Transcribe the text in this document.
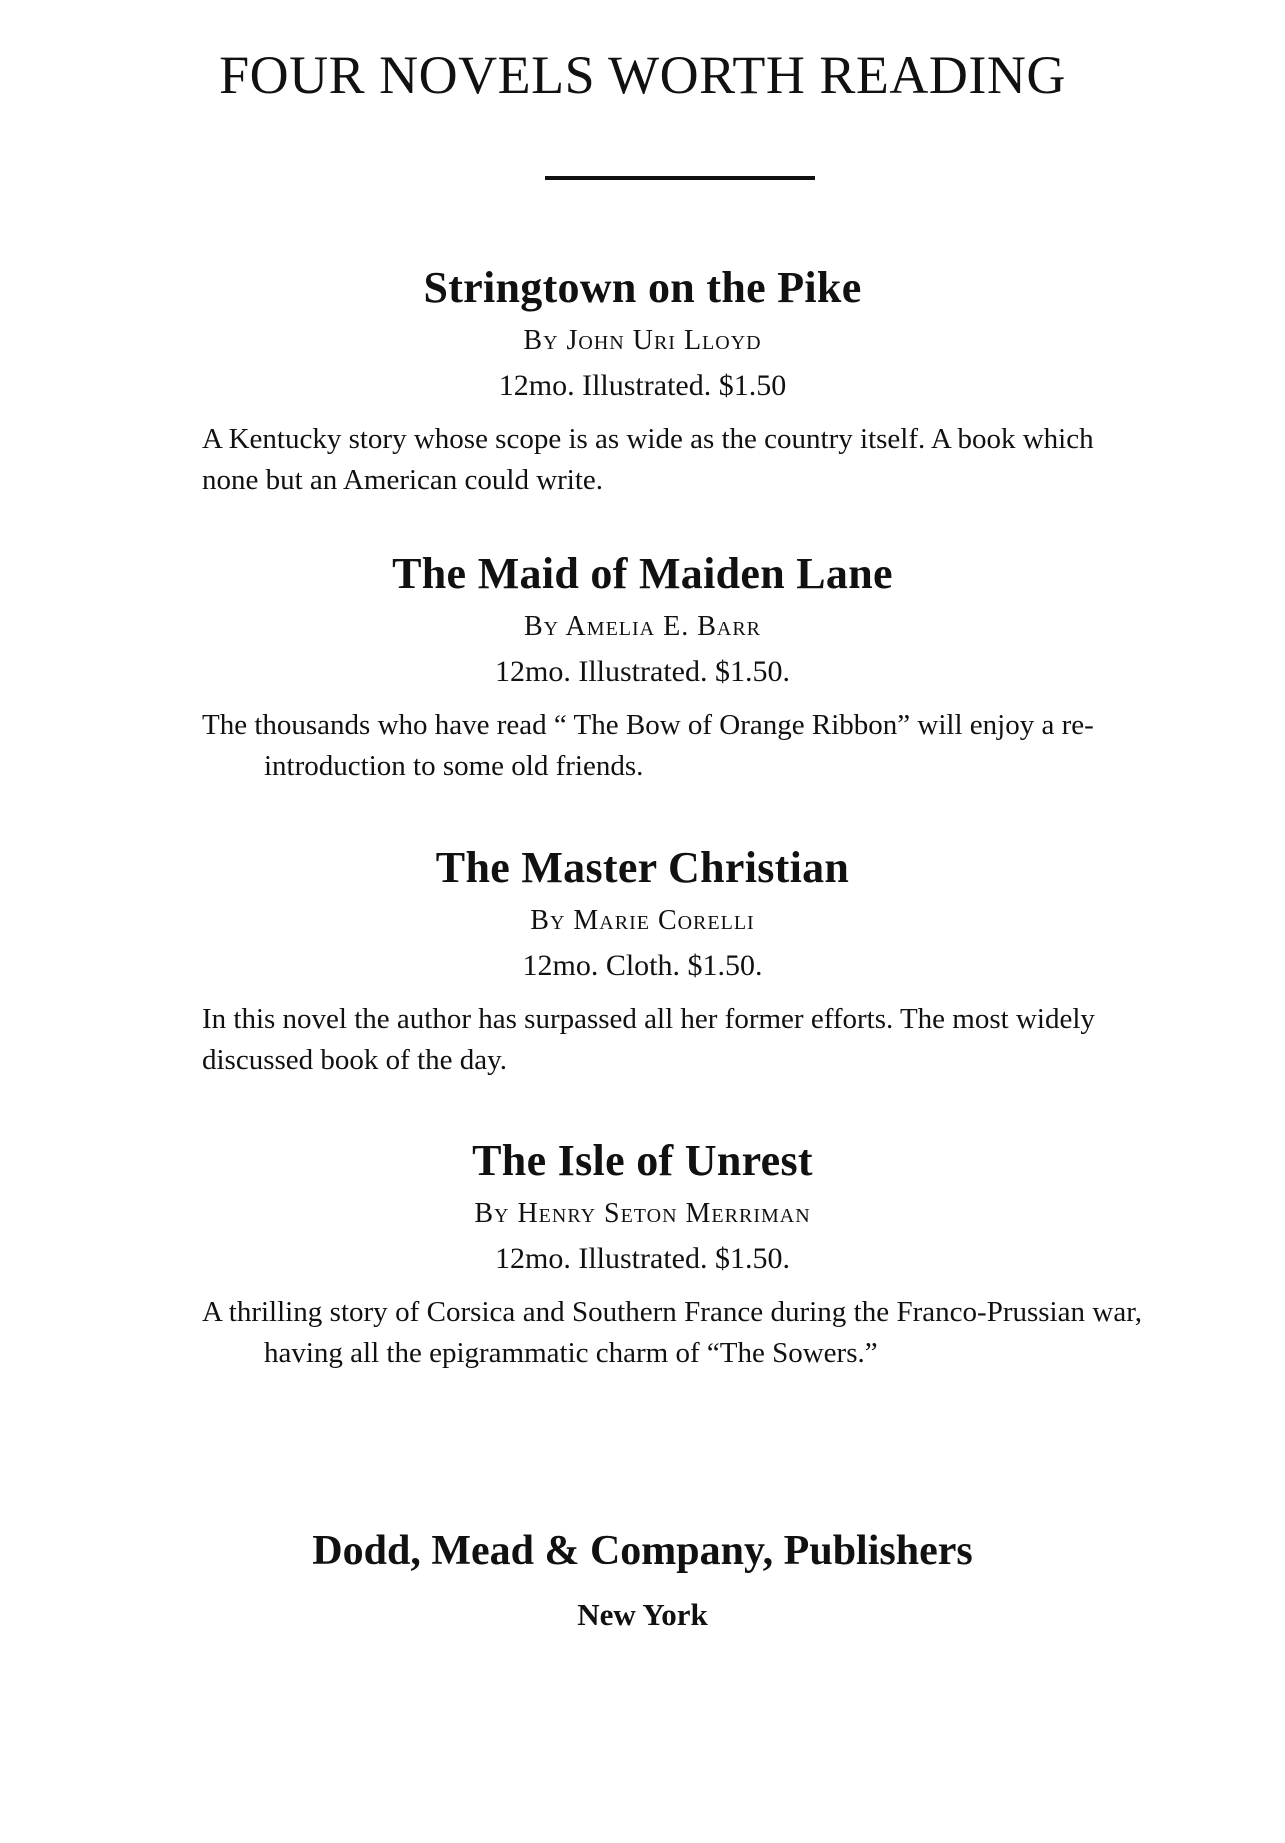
FOUR NOVELS WORTH READING
Stringtown on the Pike
By John Uri Lloyd
12mo. Illustrated. $1.50
A Kentucky story whose scope is as wide as the country itself. A book which none but an American could write.
The Maid of Maiden Lane
By Amelia E. Barr
12mo. Illustrated. $1.50.
The thousands who have read “ The Bow of Orange Ribbon” will enjoy a re-introduction to some old friends.
The Master Christian
By Marie Corelli
12mo. Cloth. $1.50.
In this novel the author has surpassed all her former efforts. The most widely discussed book of the day.
The Isle of Unrest
By Henry Seton Merriman
12mo. Illustrated. $1.50.
A thrilling story of Corsica and Southern France during the Franco-Prussian war, having all the epigrammatic charm of “The Sowers.”
Dodd, Mead & Company, Publishers
New York
